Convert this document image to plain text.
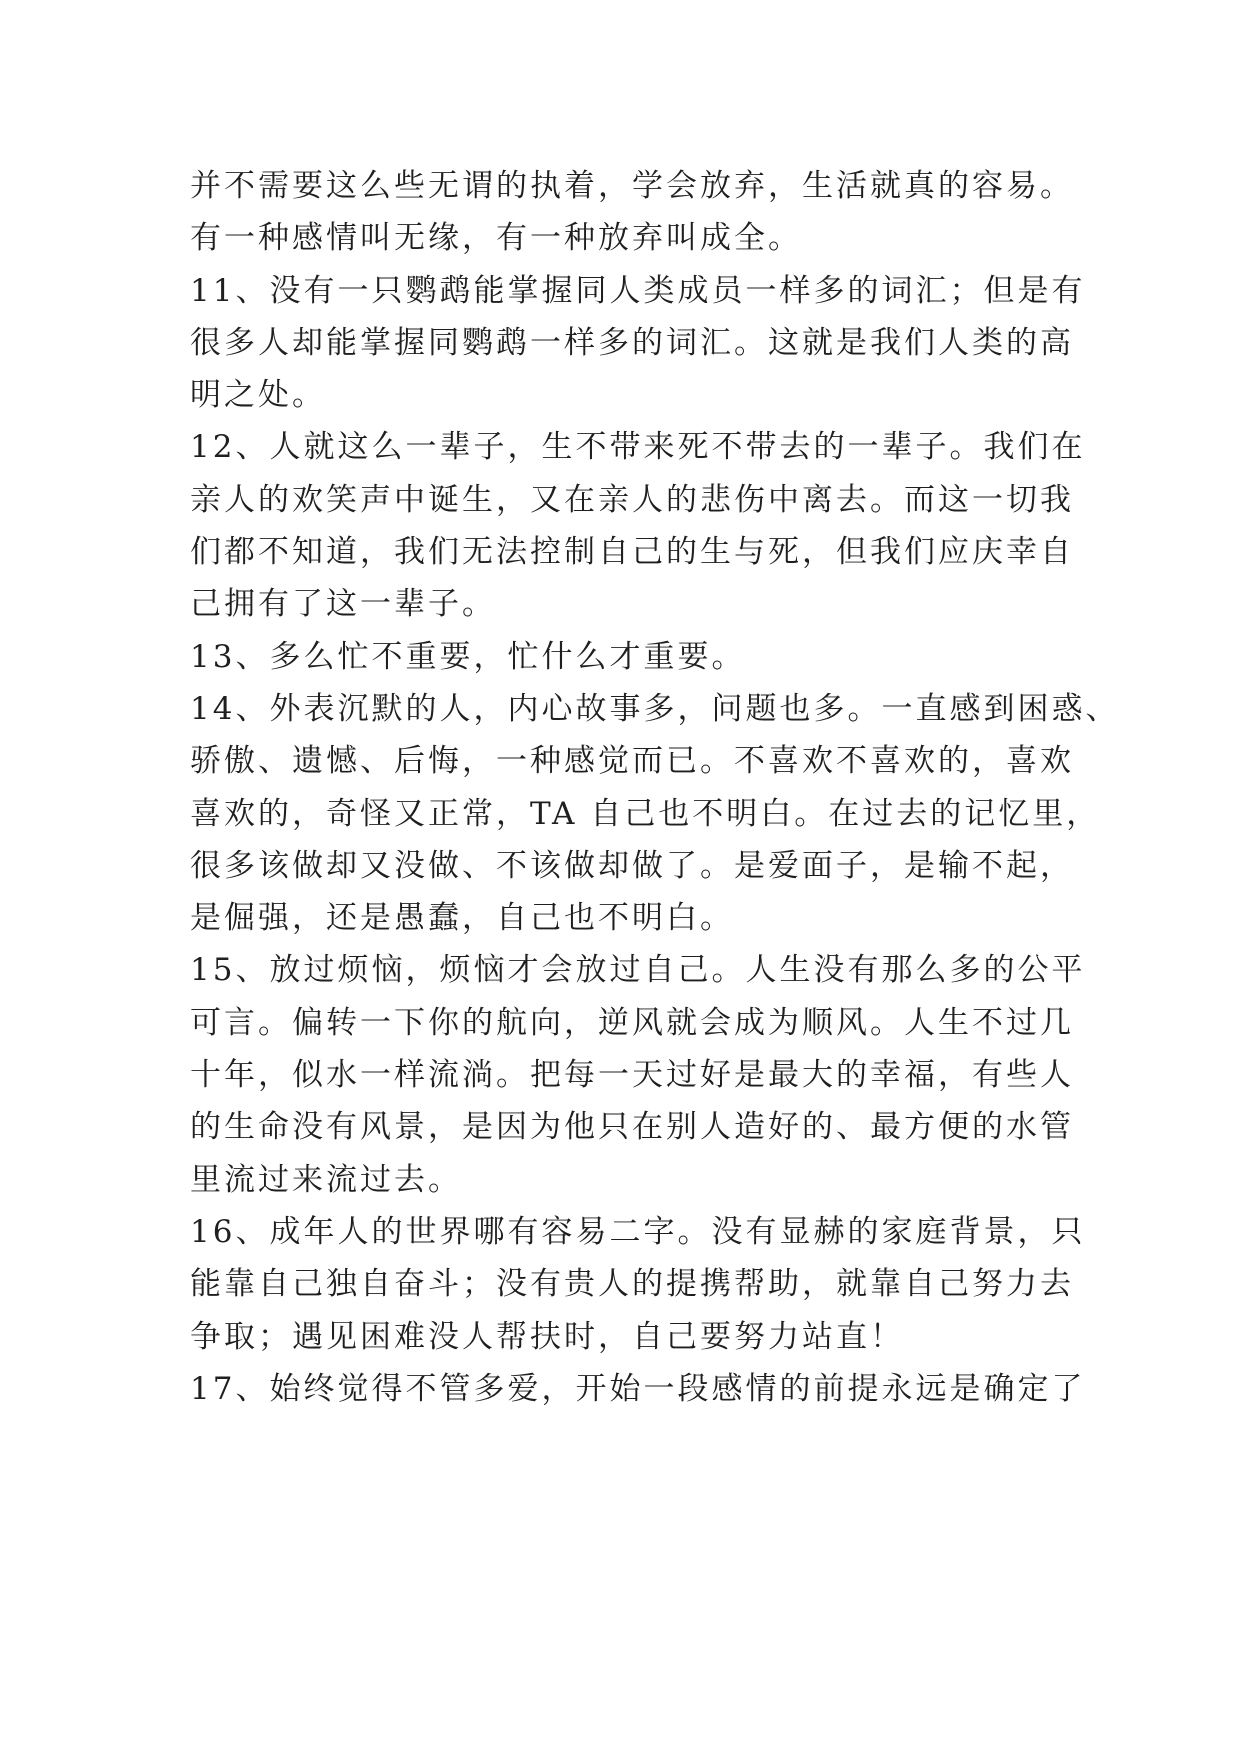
并不需要这么些无谓的执着，学会放弃，生活就真的容易。
有一种感情叫无缘，有一种放弃叫成全。
11、没有一只鹦鹉能掌握同人类成员一样多的词汇；但是有
很多人却能掌握同鹦鹉一样多的词汇。这就是我们人类的高
明之处。
12、人就这么一辈子，生不带来死不带去的一辈子。我们在
亲人的欢笑声中诞生，又在亲人的悲伤中离去。而这一切我
们都不知道，我们无法控制自己的生与死，但我们应庆幸自
己拥有了这一辈子。
13、多么忙不重要，忙什么才重要。
14、外表沉默的人，内心故事多，问题也多。一直感到困惑、
骄傲、遗憾、后悔，一种感觉而已。不喜欢不喜欢的，喜欢
喜欢的，奇怪又正常，TA 自己也不明白。在过去的记忆里，
很多该做却又没做、不该做却做了。是爱面子，是输不起，
是倔强，还是愚蠢，自己也不明白。
15、放过烦恼，烦恼才会放过自己。人生没有那么多的公平
可言。偏转一下你的航向，逆风就会成为顺风。人生不过几
十年，似水一样流淌。把每一天过好是最大的幸福，有些人
的生命没有风景，是因为他只在别人造好的、最方便的水管
里流过来流过去。
16、成年人的世界哪有容易二字。没有显赫的家庭背景，只
能靠自己独自奋斗；没有贵人的提携帮助，就靠自己努力去
争取；遇见困难没人帮扶时，自己要努力站直！
17、始终觉得不管多爱，开始一段感情的前提永远是确定了
